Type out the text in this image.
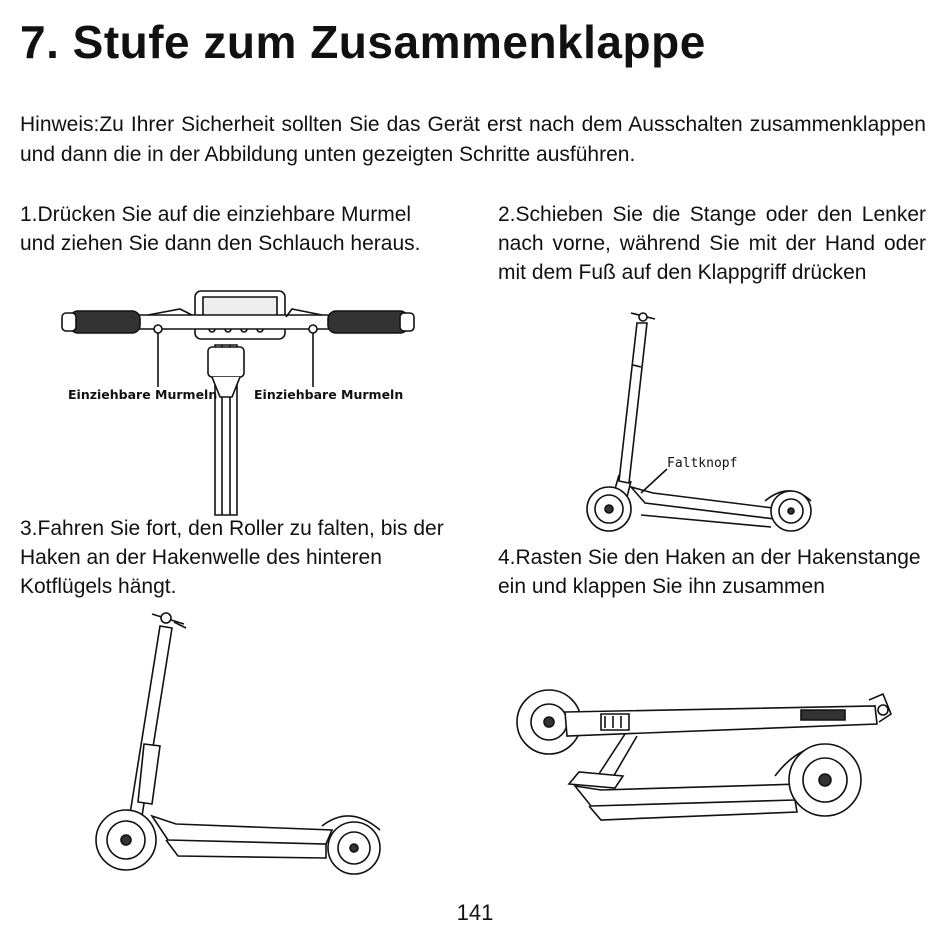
7. Stufe zum Zusammenklappe

Hinweis:Zu Ihrer Sicherheit sollten Sie das Gerät erst nach dem Ausschalten zusammenklappen und dann die in der Abbildung unten gezeigten Schritte ausführen.

1.Drücken Sie auf die einziehbare Murmel und ziehen Sie dann den Schlauch heraus.

2.Schieben Sie die Stange oder den Lenker nach vorne, während Sie mit der Hand oder mit dem Fuß auf den Klappgriff drücken

3.Fahren Sie fort, den Roller zu falten, bis der Haken an der Hakenwelle des hinteren Kotflügels hängt.

4.Rasten Sie den Haken an der Hakenstange ein und klappen Sie ihn zusammen

Einziehbare Murmeln	Einziehbare Murmeln
Faltknopf

141
